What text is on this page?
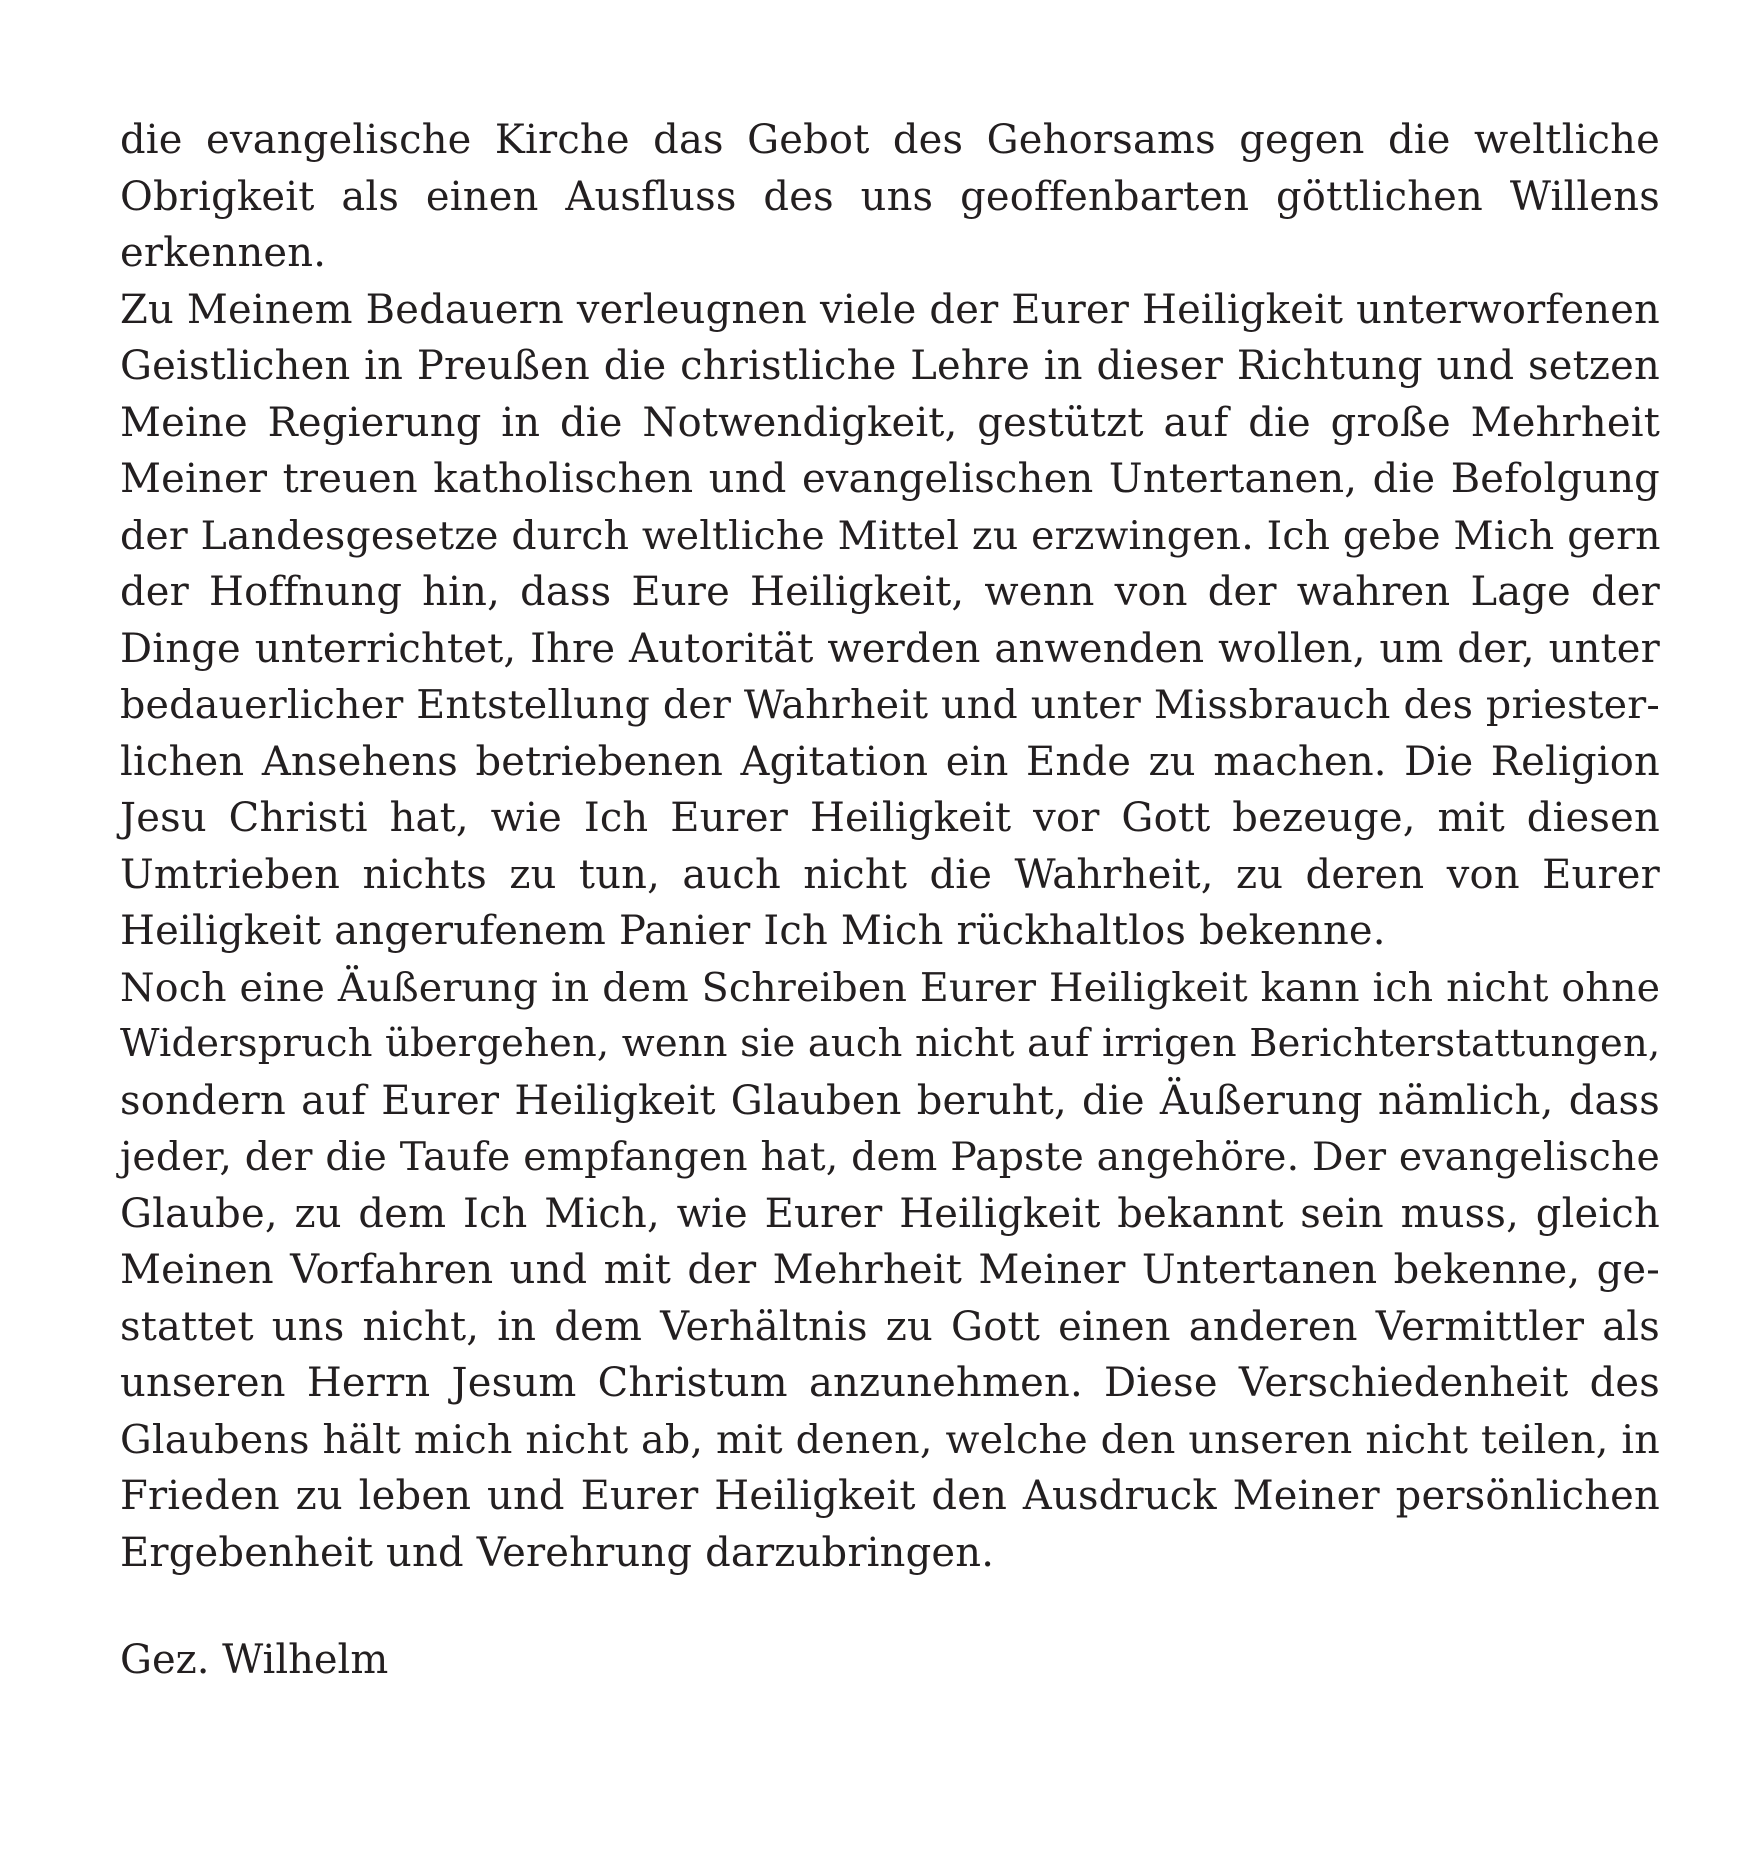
die evangelische Kirche das Gebot des Gehorsams gegen die weltliche
Obrigkeit als einen Ausfluss des uns geoffenbarten göttlichen Willens
erkennen.
Zu Meinem Bedauern verleugnen viele der Eurer Heiligkeit unterworfenen
Geistlichen in Preußen die christliche Lehre in dieser Richtung und setzen
Meine Regierung in die Notwendigkeit, gestützt auf die große Mehrheit
Meiner treuen katholischen und evangelischen Untertanen, die Befolgung
der Landesgesetze durch weltliche Mittel zu erzwingen. Ich gebe Mich gern
der Hoffnung hin, dass Eure Heiligkeit, wenn von der wahren Lage der
Dinge unterrichtet, Ihre Autorität werden anwenden wollen, um der, unter
bedauerlicher Entstellung der Wahrheit und unter Missbrauch des priester-
lichen Ansehens betriebenen Agitation ein Ende zu machen. Die Religion
Jesu Christi hat, wie Ich Eurer Heiligkeit vor Gott bezeuge, mit diesen
Umtrieben nichts zu tun, auch nicht die Wahrheit, zu deren von Eurer
Heiligkeit angerufenem Panier Ich Mich rückhaltlos bekenne.
Noch eine Äußerung in dem Schreiben Eurer Heiligkeit kann ich nicht ohne
Widerspruch übergehen, wenn sie auch nicht auf irrigen Berichterstattungen,
sondern auf Eurer Heiligkeit Glauben beruht, die Äußerung nämlich, dass
jeder, der die Taufe empfangen hat, dem Papste angehöre. Der evangelische
Glaube, zu dem Ich Mich, wie Eurer Heiligkeit bekannt sein muss, gleich
Meinen Vorfahren und mit der Mehrheit Meiner Untertanen bekenne, ge-
stattet uns nicht, in dem Verhältnis zu Gott einen anderen Vermittler als
unseren Herrn Jesum Christum anzunehmen. Diese Verschiedenheit des
Glaubens hält mich nicht ab, mit denen, welche den unseren nicht teilen, in
Frieden zu leben und Eurer Heiligkeit den Ausdruck Meiner persönlichen
Ergebenheit und Verehrung darzubringen.
Gez. Wilhelm
